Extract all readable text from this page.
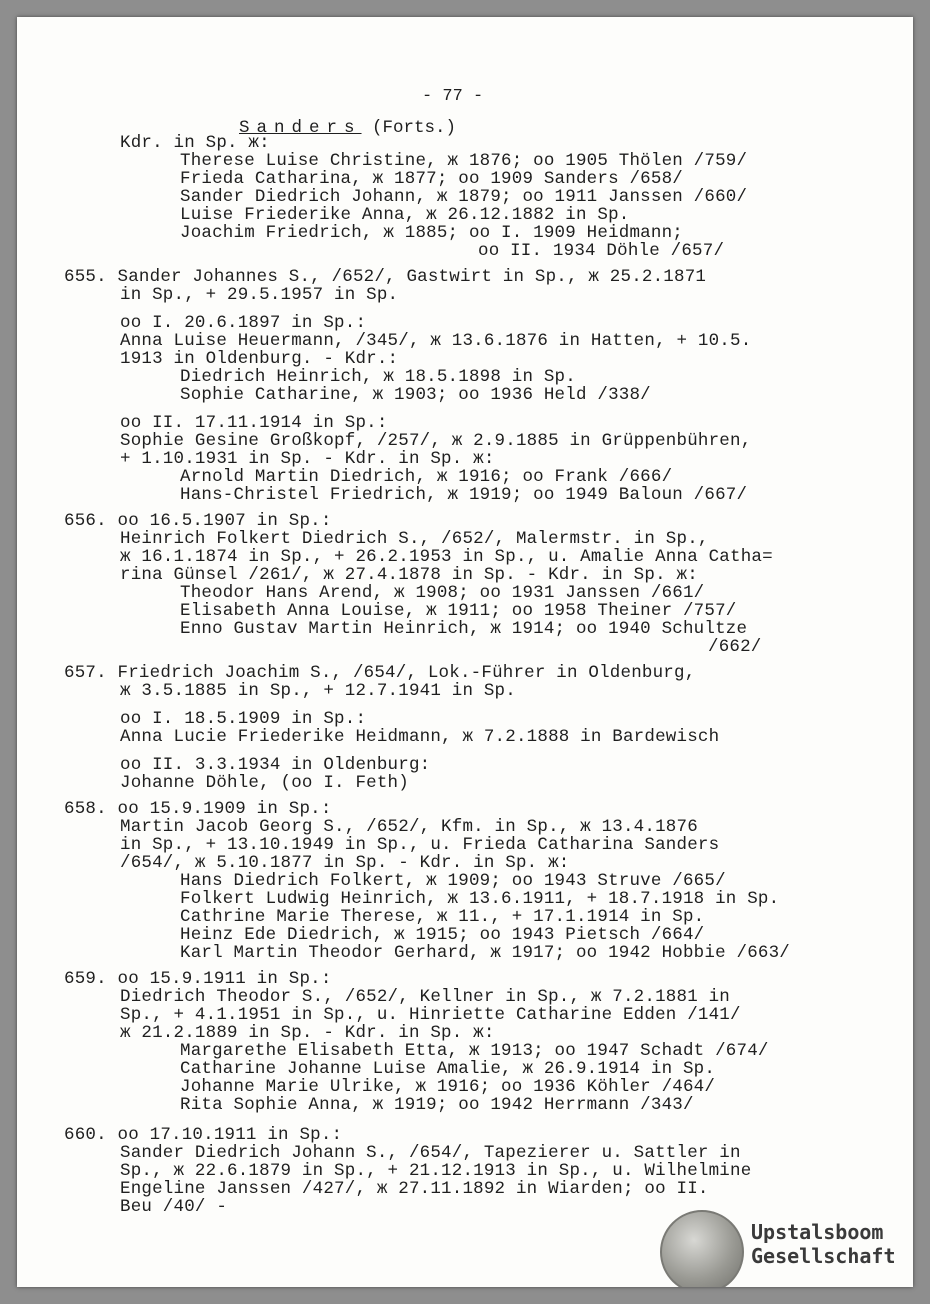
- 77 -
Sanders (Forts.)
Kdr. in Sp. ж:
Therese Luise Christine, ж 1876; oo 1905 Thölen /759/
Frieda Catharina, ж 1877; oo 1909 Sanders /658/
Sander Diedrich Johann, ж 1879; oo 1911 Janssen /660/
Luise Friederike Anna, ж 26.12.1882 in Sp.
Joachim Friedrich, ж 1885; oo I. 1909 Heidmann;
oo II. 1934 Döhle /657/
655. Sander Johannes S., /652/, Gastwirt in Sp., ж 25.2.1871
in Sp., + 29.5.1957 in Sp.
oo I. 20.6.1897 in Sp.:
Anna Luise Heuermann, /345/, ж 13.6.1876 in Hatten, + 10.5.
1913 in Oldenburg. - Kdr.:
Diedrich Heinrich, ж 18.5.1898 in Sp.
Sophie Catharine, ж 1903; oo 1936 Held /338/
oo II. 17.11.1914 in Sp.:
Sophie Gesine Großkopf, /257/, ж 2.9.1885 in Grüppenbühren,
+ 1.10.1931 in Sp. - Kdr. in Sp. ж:
Arnold Martin Diedrich, ж 1916; oo Frank /666/
Hans-Christel Friedrich, ж 1919; oo 1949 Baloun /667/
656. oo 16.5.1907 in Sp.:
Heinrich Folkert Diedrich S., /652/, Malermstr. in Sp.,
ж 16.1.1874 in Sp., + 26.2.1953 in Sp., u. Amalie Anna Catha=
rina Günsel /261/, ж 27.4.1878 in Sp. - Kdr. in Sp. ж:
Theodor Hans Arend, ж 1908; oo 1931 Janssen /661/
Elisabeth Anna Louise, ж 1911; oo 1958 Theiner /757/
Enno Gustav Martin Heinrich, ж 1914; oo 1940 Schultze
/662/
657. Friedrich Joachim S., /654/, Lok.-Führer in Oldenburg,
ж 3.5.1885 in Sp., + 12.7.1941 in Sp.
oo I. 18.5.1909 in Sp.:
Anna Lucie Friederike Heidmann, ж 7.2.1888 in Bardewisch
oo II. 3.3.1934 in Oldenburg:
Johanne Döhle, (oo I. Feth)
658. oo 15.9.1909 in Sp.:
Martin Jacob Georg S., /652/, Kfm. in Sp., ж 13.4.1876
in Sp., + 13.10.1949 in Sp., u. Frieda Catharina Sanders
/654/, ж 5.10.1877 in Sp. - Kdr. in Sp. ж:
Hans Diedrich Folkert, ж 1909; oo 1943 Struve /665/
Folkert Ludwig Heinrich, ж 13.6.1911, + 18.7.1918 in Sp.
Cathrine Marie Therese, ж 11., + 17.1.1914 in Sp.
Heinz Ede Diedrich, ж 1915; oo 1943 Pietsch /664/
Karl Martin Theodor Gerhard, ж 1917; oo 1942 Hobbie /663/
659. oo 15.9.1911 in Sp.:
Diedrich Theodor S., /652/, Kellner in Sp., ж 7.2.1881 in
Sp., + 4.1.1951 in Sp., u. Hinriette Catharine Edden /141/
ж 21.2.1889 in Sp. - Kdr. in Sp. ж:
Margarethe Elisabeth Etta, ж 1913; oo 1947 Schadt /674/
Catharine Johanne Luise Amalie, ж 26.9.1914 in Sp.
Johanne Marie Ulrike, ж 1916; oo 1936 Köhler /464/
Rita Sophie Anna, ж 1919; oo 1942 Herrmann /343/
660. oo 17.10.1911 in Sp.:
Sander Diedrich Johann S., /654/, Tapezierer u. Sattler in
Sp., ж 22.6.1879 in Sp., + 21.12.1913 in Sp., u. Wilhelmine
Engeline Janssen /427/, ж 27.11.1892 in Wiarden; oo II.
Beu /40/ -
Upstalsboom
Gesellschaft
